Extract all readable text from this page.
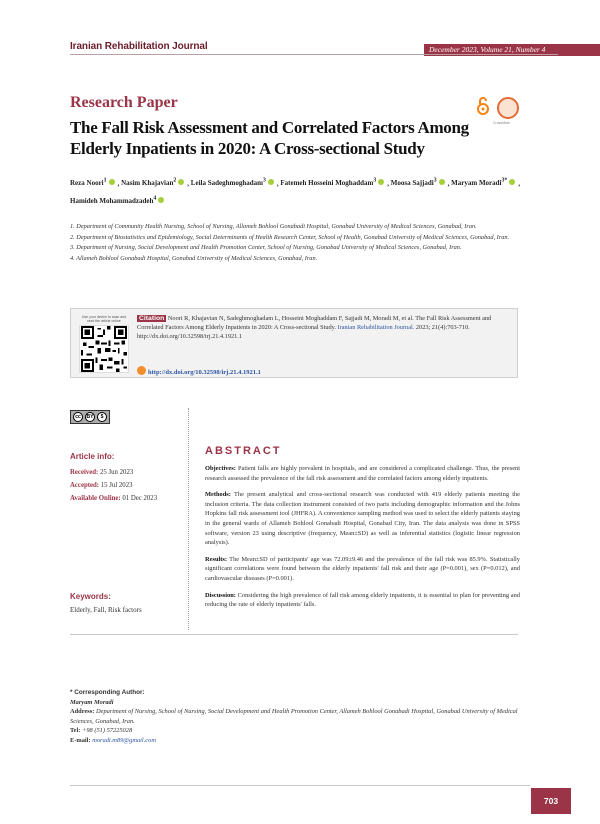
Iranian Rehabilitation Journal	December 2023, Volume 21, Number 4
Research Paper
CrossMark
The Fall Risk Assessment and Correlated Factors Among Elderly Inpatients in 2020: A Cross-sectional Study
Reza Noori$^1$ , Nasim Khajavian$^2$ , Leila Sadeghmoghadam$^3$ , Fatemeh Hosseini Moghaddam$^3$ , Moosa Sajjadi$^3$ , Maryam Moradi$^{3*}$ , Hamideh Mohammadzadeh$^4$

1. Department of Community Health Nursing, School of Nursing, Allameh Bohlool Gonabadi Hospital, Gonabad University of Medical Sciences, Gonabad, Iran.

2. Department of Biostatistics and Epidemiology, Social Determinants of Health Research Center, School of Health, Gonabad University of Medical Sciences, Gonabad, Iran.

3. Department of Nursing, Social Development and Health Promotion Center, School of Nursing, Gonabad University of Medical Sciences, Gonabad, Iran.

4. Allameh Bohlool Gonabadi Hospital, Gonabad University of Medical Sciences, Gonabad, Iran.

Use your device to scan and read the article online	Citation Noori R, Khajavian N, Sadeghmoghadam L, Hosseini Moghaddam F, Sajjadi M, Moradi M, et al. The Fall Risk Assessment and Correlated Factors Among Elderly Inpatients in 2020: A Cross-sectional Study. Iranian Rehabilitation Journal. 2023; 21(4):703-710. http://dx.doi.org/10.32598/irj.21.4.1921.1
http://dx.doi.org/10.32598/irj.21.4.1921.1
cc	BY	$
Article info:
Received: 25 Jun 2023
Accepted: 15 Jul 2023
Available Online: 01 Dec 2023
Keywords:
Elderly, Fall, Risk factors
ABSTRACT

Objectives: Patient falls are highly prevalent in hospitals, and are considered a complicated challenge. Thus, the present research assessed the prevalence of the fall risk assessment and the correlated factors among elderly inpatients.

Methods: The present analytical and cross-sectional research was conducted with 419 elderly patients meeting the inclusion criteria. The data collection instrument consisted of two parts including demographic information and the Johns Hopkins fall risk assessment tool (JHFRA). A convenience sampling method was used to select the elderly patients staying in the general wards of Allameh Bohlool Gonabadi Hospital, Gonabad City, Iran. The data analysis was done in SPSS software, version 23 using descriptive (frequency, Mean±SD) as well as inferential statistics (logistic linear regression analysis).

Results: The Mean±SD of participants' age was 72.09±9.46 and the prevalence of the fall risk was 85.9%. Statistically significant correlations were found between the elderly inpatients' fall risk and their age (P=0.001), sex (P=0.012), and cardiovascular diseases (P=0.001).

Discussion: Considering the high prevalence of fall risk among elderly inpatients, it is essential to plan for preventing and reducing the rate of elderly inpatients' falls.

* Corresponding Author:
Maryam Moradi
Address: Department of Nursing, School of Nursing, Social Development and Health Promotion Center, Allameh Bohlool Gonabadi Hospital, Gonabad University of Medical Sciences, Gonabad, Iran.
Tel: +98 (51) 57225028
E-mail: moradi.m89@gmail.com
703
